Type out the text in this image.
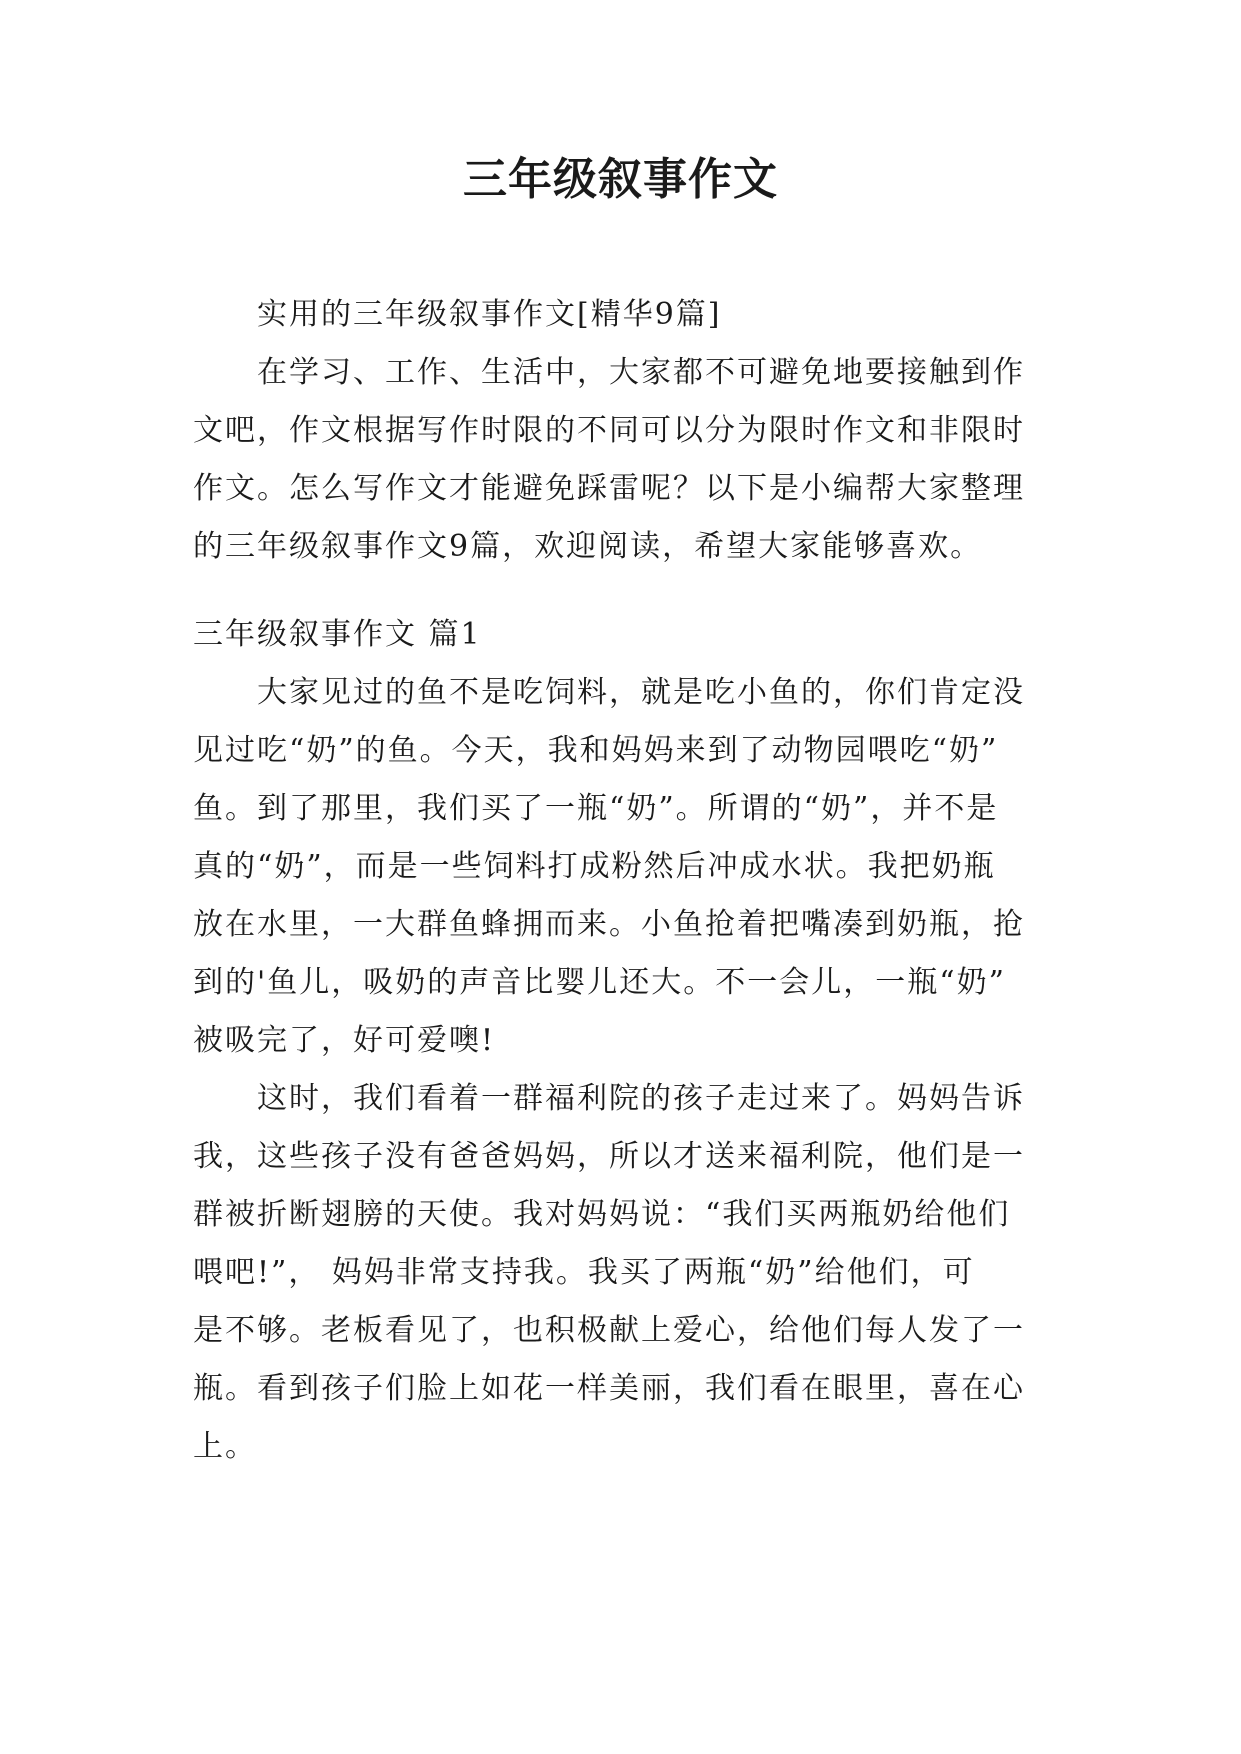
三年级叙事作文
实用的三年级叙事作文[精华9篇]
在学习、工作、生活中，大家都不可避免地要接触到作
文吧，作文根据写作时限的不同可以分为限时作文和非限时
作文。怎么写作文才能避免踩雷呢？以下是小编帮大家整理
的三年级叙事作文9篇，欢迎阅读，希望大家能够喜欢。
三年级叙事作文 篇1
大家见过的鱼不是吃饲料，就是吃小鱼的，你们肯定没
见过吃“奶”的鱼。今天，我和妈妈来到了动物园喂吃“奶”
鱼。到了那里，我们买了一瓶“奶”。所谓的“奶”，并不是
真的“奶”，而是一些饲料打成粉然后冲成水状。我把奶瓶
放在水里，一大群鱼蜂拥而来。小鱼抢着把嘴凑到奶瓶，抢
到的'鱼儿，吸奶的声音比婴儿还大。不一会儿，一瓶“奶”
被吸完了，好可爱噢!
这时，我们看着一群福利院的孩子走过来了。妈妈告诉
我，这些孩子没有爸爸妈妈，所以才送来福利院，他们是一
群被折断翅膀的天使。我对妈妈说：“我们买两瓶奶给他们
喂吧!”， 妈妈非常支持我。我买了两瓶“奶”给他们，可
是不够。老板看见了，也积极献上爱心，给他们每人发了一
瓶。看到孩子们脸上如花一样美丽，我们看在眼里，喜在心
上。
